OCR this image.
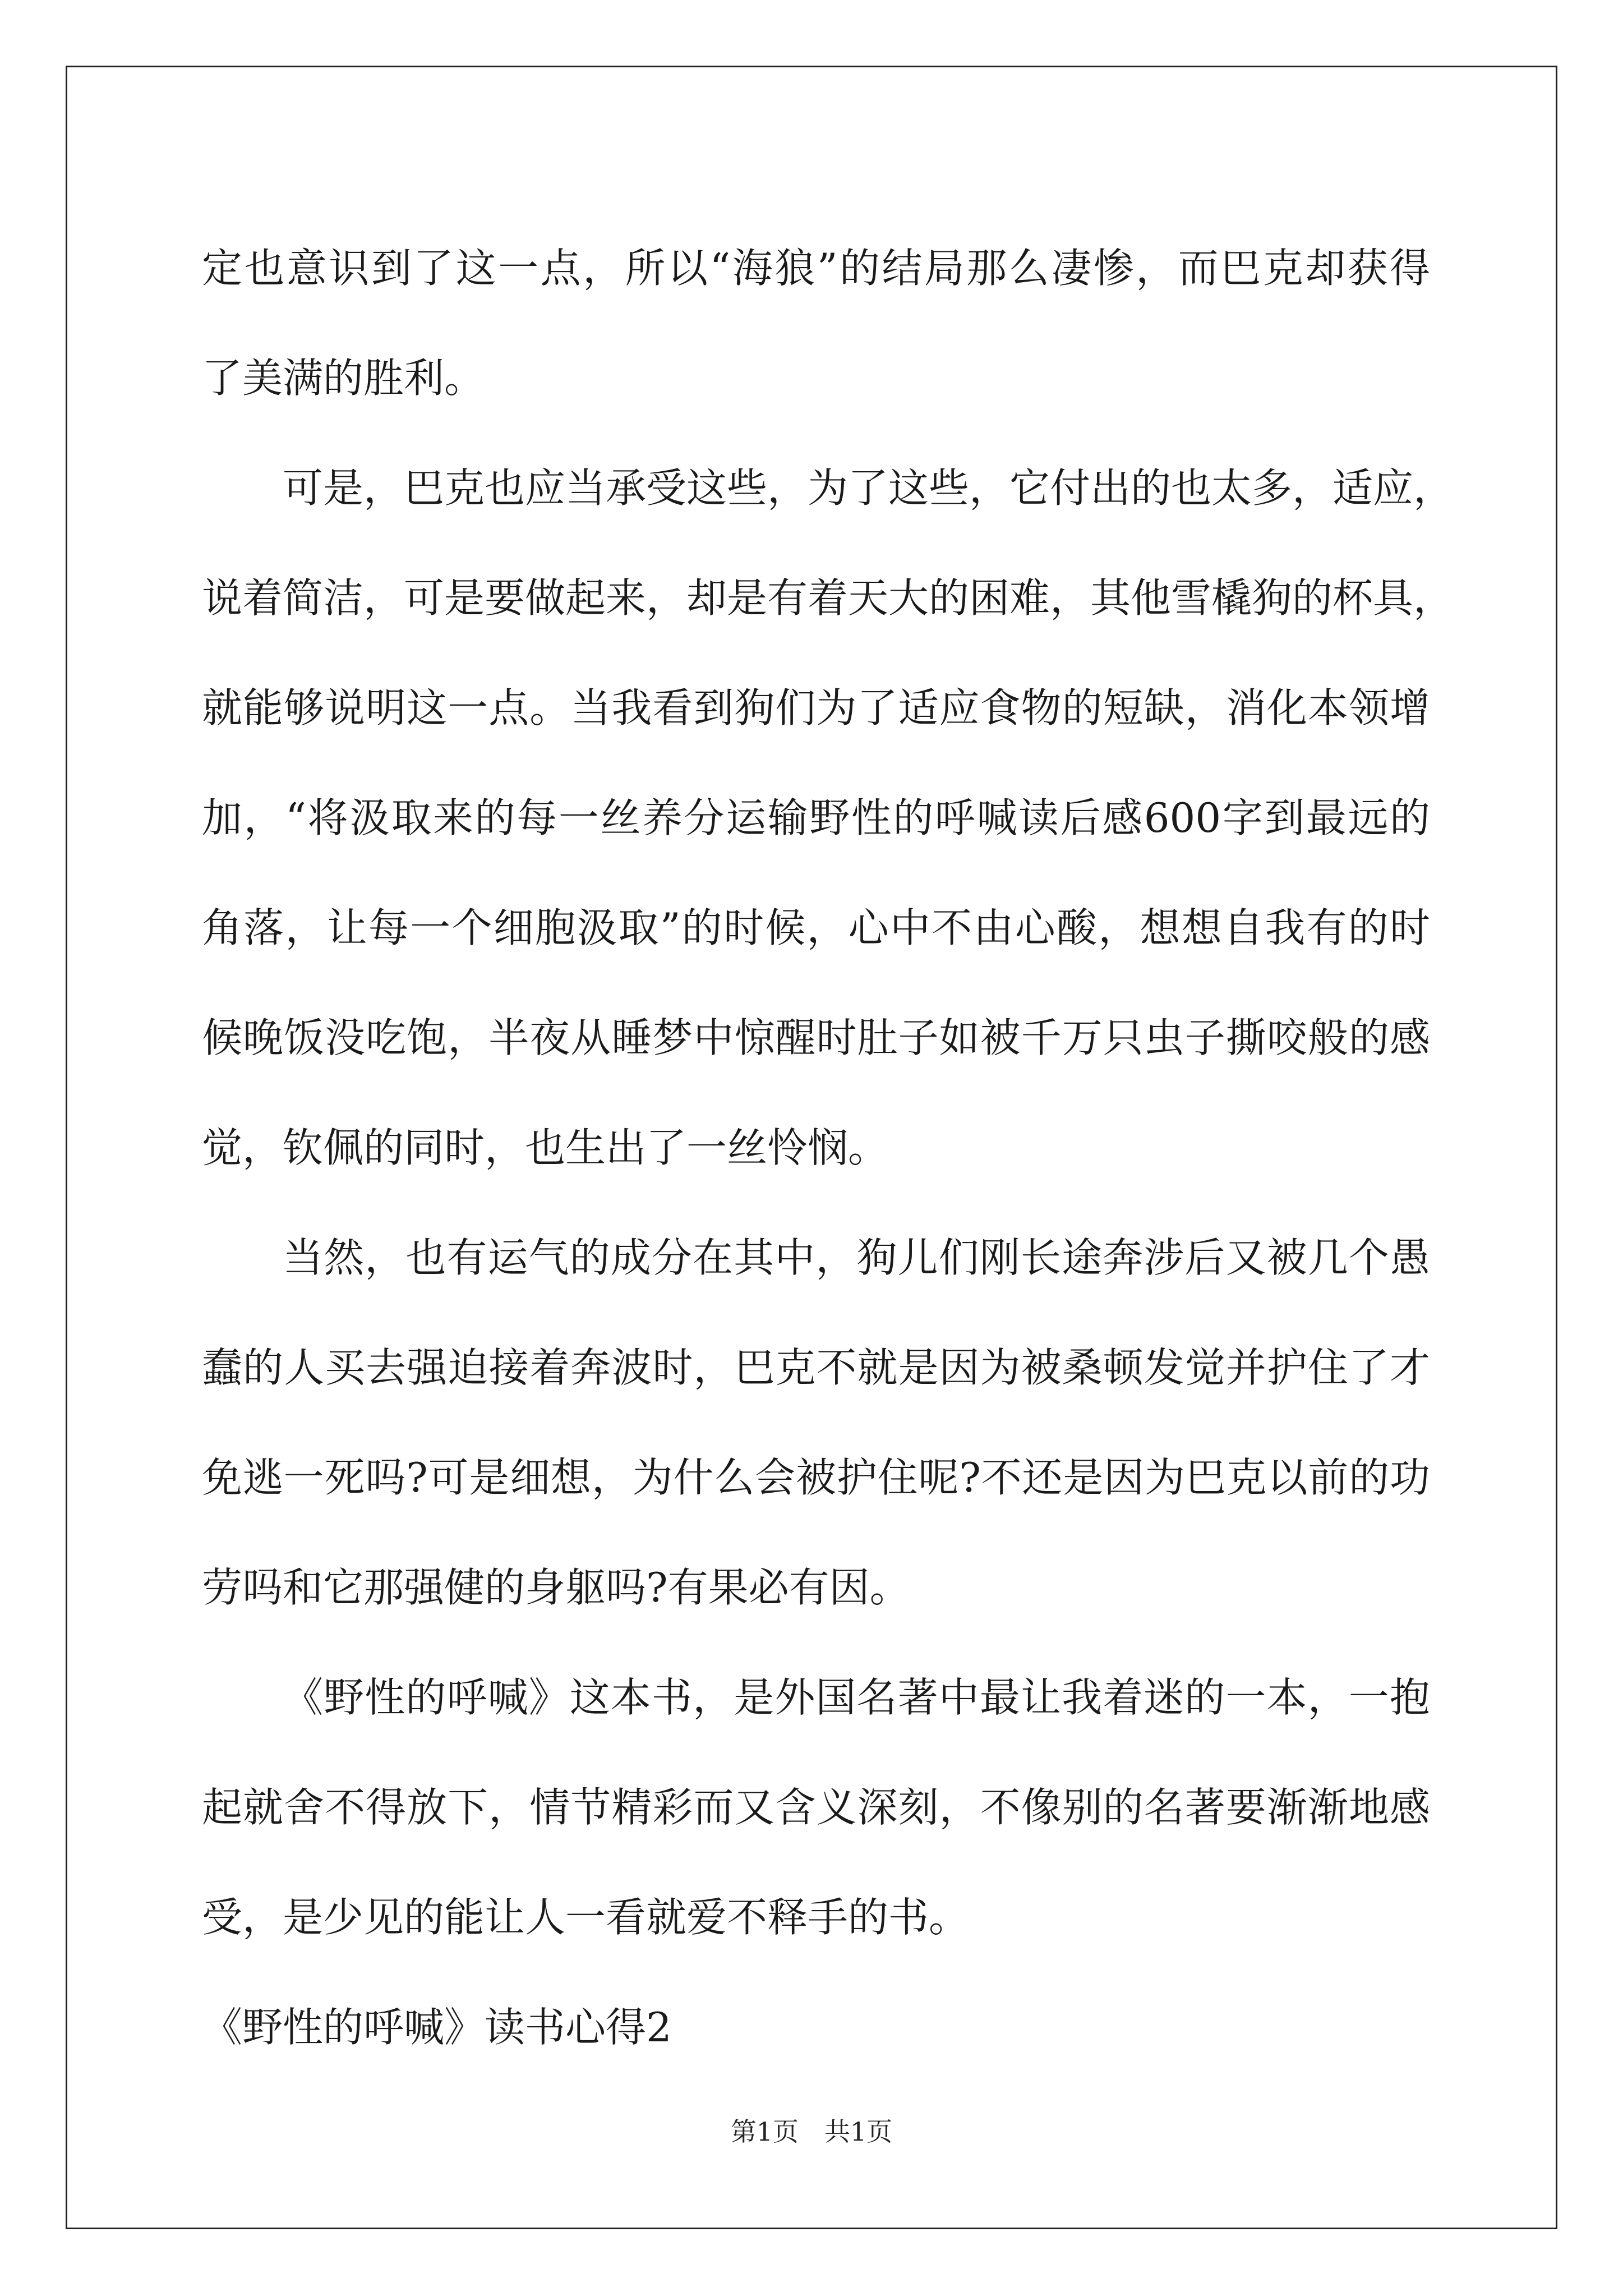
定也意识到了这一点，所以“海狼”的结局那么凄惨，而巴克却获得
了美满的胜利。
可是，巴克也应当承受这些，为了这些，它付出的也太多，适应，
说着简洁，可是要做起来，却是有着天大的困难，其他雪橇狗的杯具，
就能够说明这一点。当我看到狗们为了适应食物的短缺，消化本领增
加，“将汲取来的每一丝养分运输野性的呼喊读后感600字到最远的
角落，让每一个细胞汲取”的时候，心中不由心酸，想想自我有的时
候晚饭没吃饱，半夜从睡梦中惊醒时肚子如被千万只虫子撕咬般的感
觉，钦佩的同时，也生出了一丝怜悯。
当然，也有运气的成分在其中，狗儿们刚长途奔涉后又被几个愚
蠢的人买去强迫接着奔波时，巴克不就是因为被桑顿发觉并护住了才
免逃一死吗?可是细想，为什么会被护住呢?不还是因为巴克以前的功
劳吗和它那强健的身躯吗?有果必有因。
《野性的呼喊》这本书，是外国名著中最让我着迷的一本，一抱
起就舍不得放下，情节精彩而又含义深刻，不像别的名著要渐渐地感
受，是少见的能让人一看就爱不释手的书。
《野性的呼喊》读书心得2
第1页　共1页
